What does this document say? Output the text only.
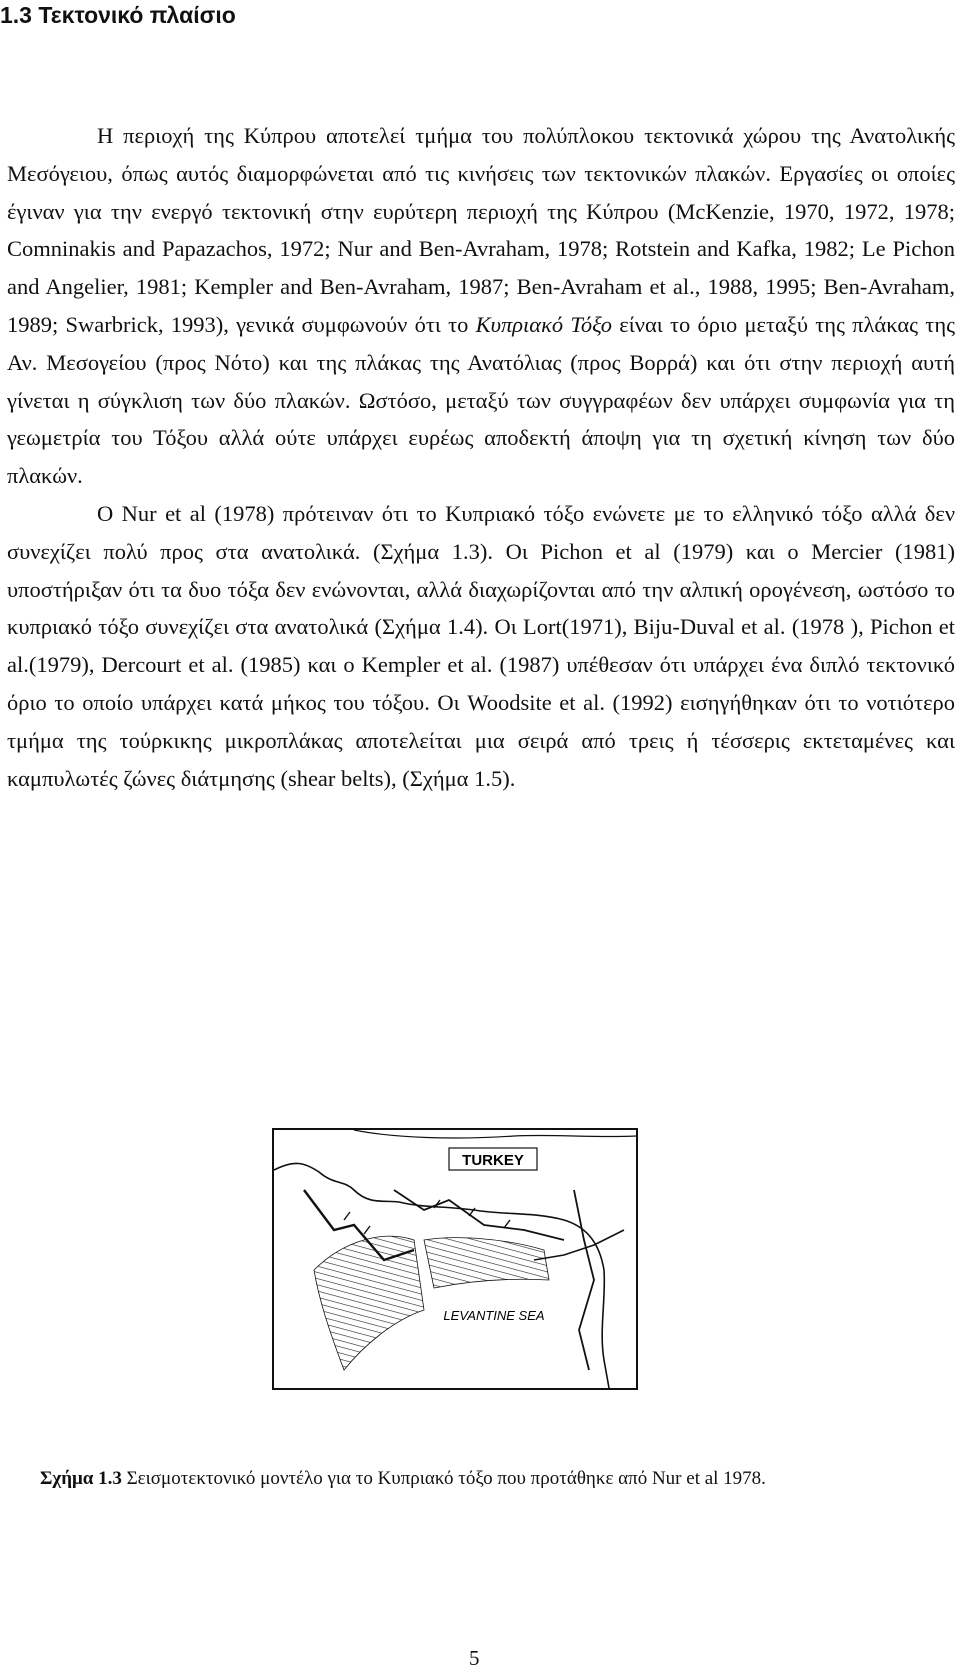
1.3 Τεκτονικό πλαίσιο

Η περιοχή της Κύπρου αποτελεί τμήμα του πολύπλοκου τεκτονικά χώρου της Ανατολικής Μεσόγειου, όπως αυτός διαμορφώνεται από τις κινήσεις των τεκτονικών πλακών. Εργασίες οι οποίες έγιναν για την ενεργό τεκτονική στην ευρύτερη περιοχή της Κύπρου (McKenzie, 1970, 1972, 1978; Comninakis and Papazachos, 1972; Nur and Ben-Avraham, 1978; Rotstein and Kafka, 1982; Le Pichon and Angelier, 1981; Kempler and Ben-Avraham, 1987; Ben-Avraham et al., 1988, 1995; Ben-Avraham, 1989; Swarbrick, 1993), γενικά συμφωνούν ότι το Κυπριακό Τόξο είναι το όριο μεταξύ της πλάκας της Αν. Μεσογείου (προς Νότο) και της πλάκας της Ανατόλιας (προς Βορρά) και ότι στην περιοχή αυτή γίνεται η σύγκλιση των δύο πλακών. Ωστόσο, μεταξύ των συγγραφέων δεν υπάρχει συμφωνία για τη γεωμετρία του Τόξου αλλά ούτε υπάρχει ευρέως αποδεκτή άποψη για τη σχετική κίνηση των δύο πλακών.

Ο Nur et al (1978) πρότειναν ότι το Κυπριακό τόξο ενώνετε με το ελληνικό τόξο αλλά δεν συνεχίζει πολύ προς στα ανατολικά. (Σχήμα 1.3). Οι Pichon et al (1979) και ο Mercier (1981) υποστήριξαν ότι τα δυο τόξα δεν ενώνονται, αλλά διαχωρίζονται από την αλπική ορογένεση, ωστόσο το κυπριακό τόξο συνεχίζει στα ανατολικά (Σχήμα 1.4). Οι Lort(1971), Biju-Duval et al. (1978 ), Pichon et al.(1979), Dercourt et al. (1985) και ο Kempler et al. (1987) υπέθεσαν ότι υπάρχει ένα διπλό τεκτονικό όριο το οποίο υπάρχει κατά μήκος του τόξου. Οι Woodsite et al. (1992) εισηγήθηκαν ότι το νοτιότερο τμήμα της τούρκικης μικροπλάκας αποτελείται μια σειρά από τρεις ή τέσσερις εκτεταμένες και καμπυλωτές ζώνες διάτμησης (shear belts), (Σχήμα 1.5).

TURKEY
LEVANTINE SEA
Σχήμα 1.3 Σεισμοτεκτονικό μοντέλο για το Κυπριακό τόξο που προτάθηκε από Nur et al 1978.
5
